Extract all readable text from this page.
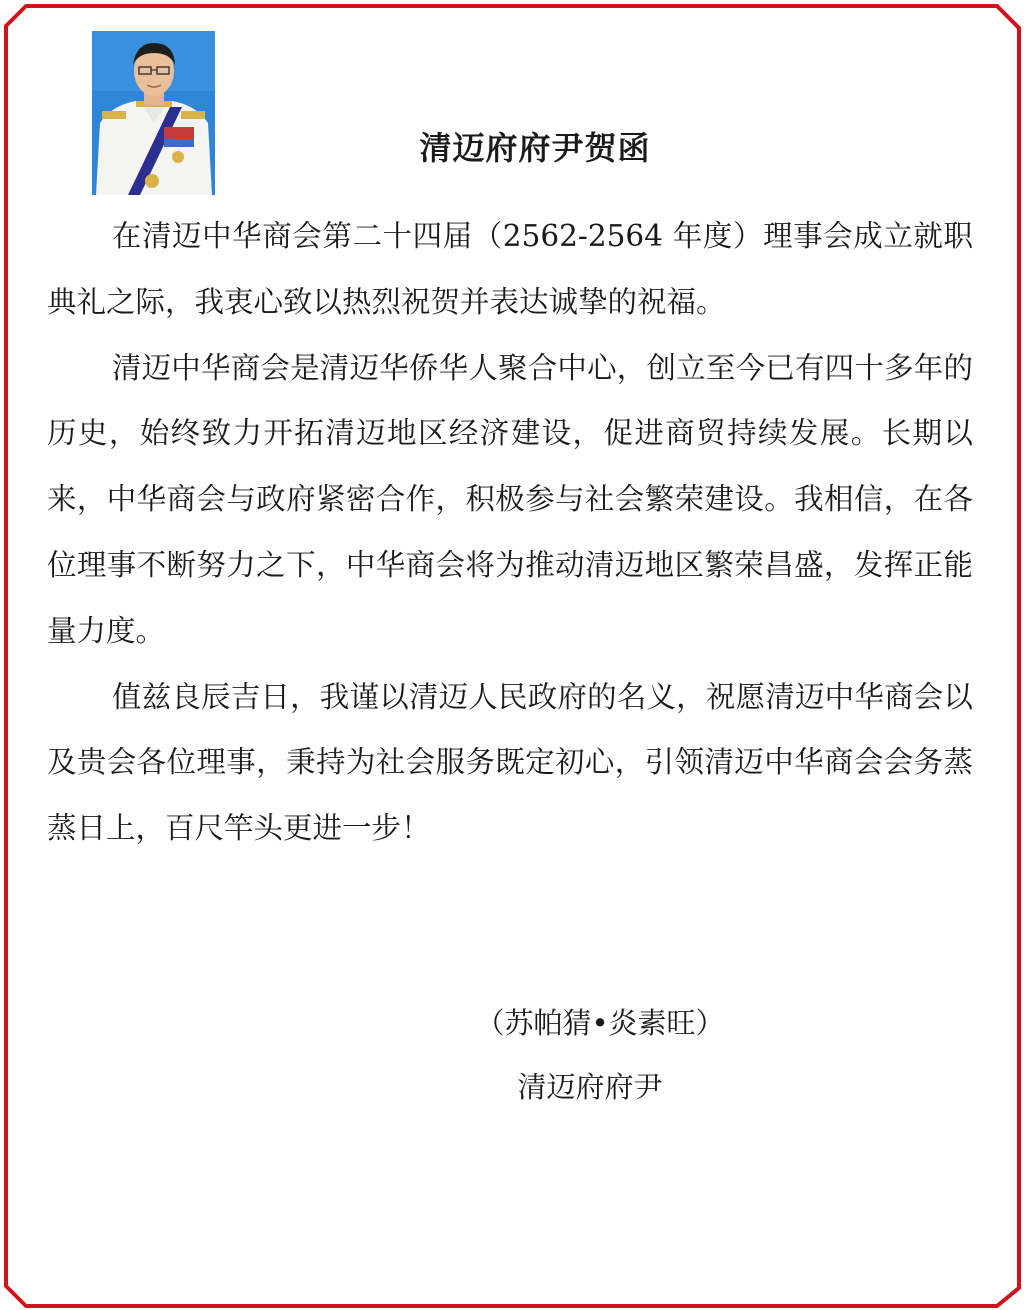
清迈府府尹贺函

在清迈中华商会第二十四届（2562-2564 年度）理事会成立就职典礼之际，我衷心致以热烈祝贺并表达诚挚的祝福。

清迈中华商会是清迈华侨华人聚合中心，创立至今已有四十多年的历史，始终致力开拓清迈地区经济建设，促进商贸持续发展。长期以来，中华商会与政府紧密合作，积极参与社会繁荣建设。我相信，在各位理事不断努力之下，中华商会将为推动清迈地区繁荣昌盛，发挥正能量力度。

值兹良辰吉日，我谨以清迈人民政府的名义，祝愿清迈中华商会以及贵会各位理事，秉持为社会服务既定初心，引领清迈中华商会会务蒸蒸日上，百尺竿头更进一步！

（苏帕猜•炎素旺）
清迈府府尹
